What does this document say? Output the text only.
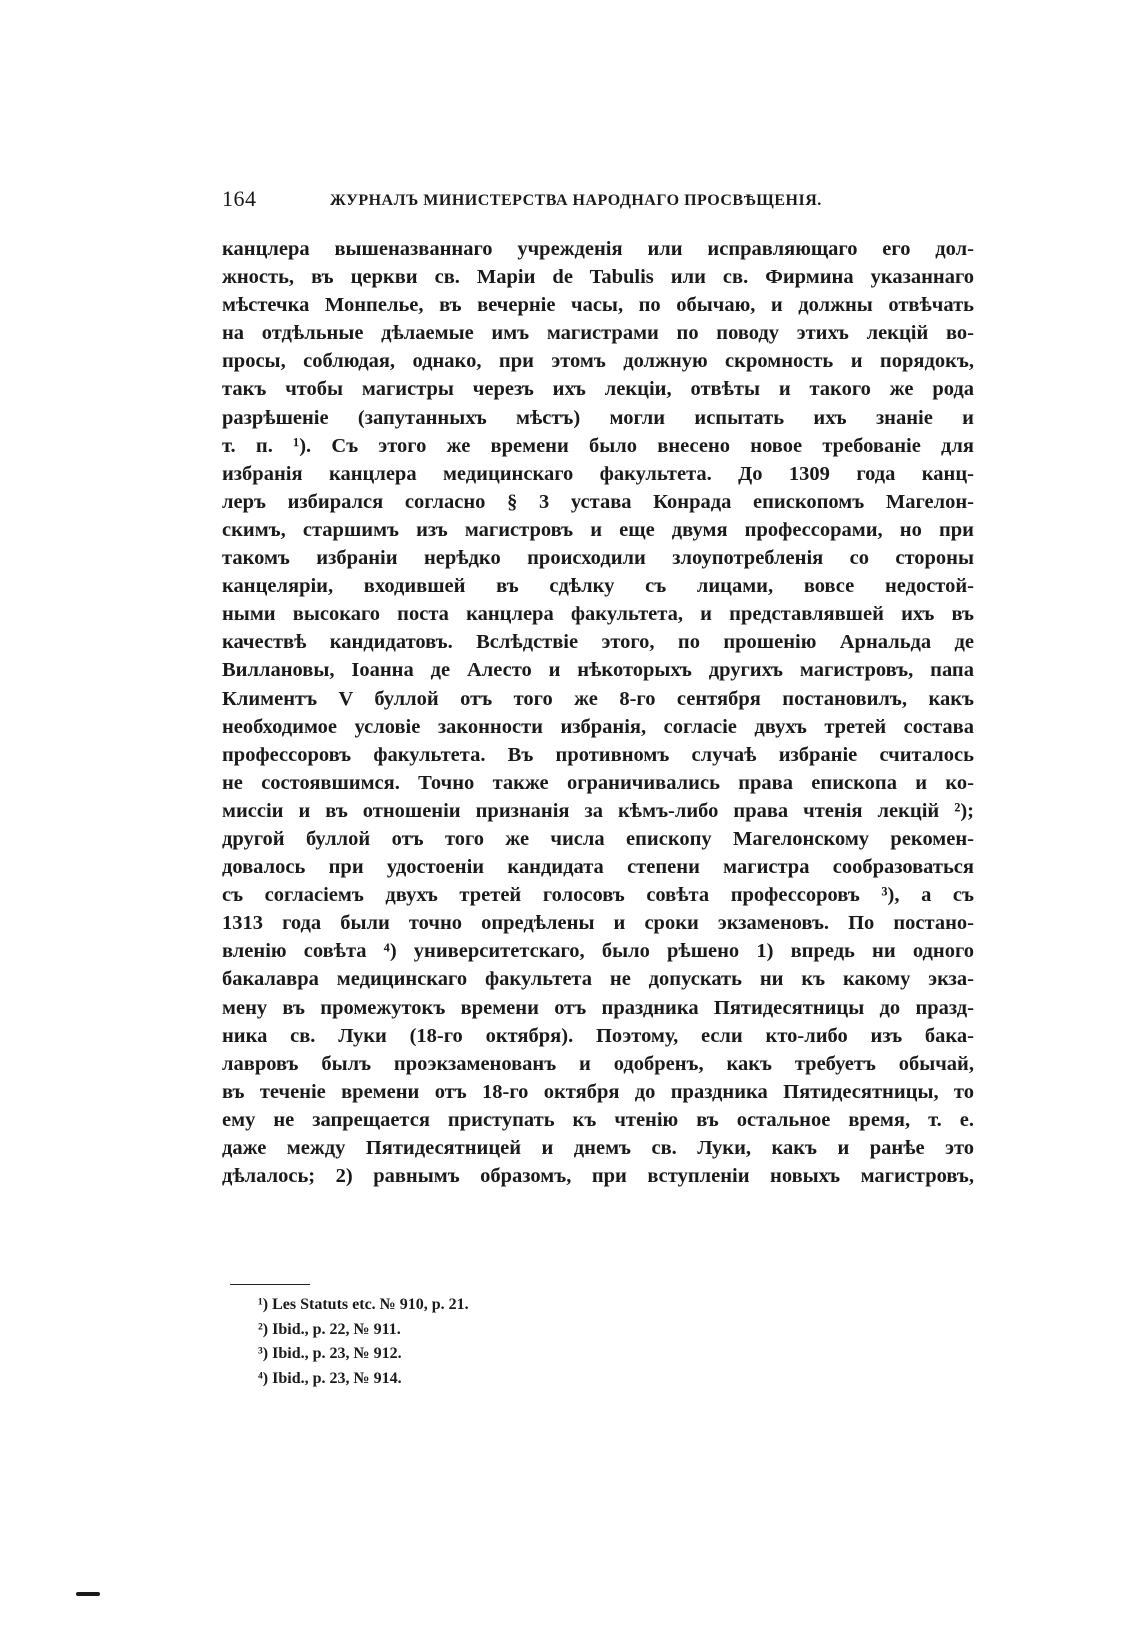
164	ЖУРНАЛЪ МИНИСТЕРСТВА НАРОДНАГО ПРОСВѢЩЕНІЯ.
канцлера вышеназваннаго учрежденія или исправляющаго его дол-
жность, въ церкви св. Маріи de Tabulis или св. Фирмина указаннаго
мѣстечка Монпелье, въ вечерніе часы, по обычаю, и должны отвѣчать
на отдѣльные дѣлаемые имъ магистрами по поводу этихъ лекцій во-
просы, соблюдая, однако, при этомъ должную скромность и порядокъ,
такъ чтобы магистры черезъ ихъ лекціи, отвѣты и такого же рода
разрѣшеніе (запутанныхъ мѣстъ) могли испытать ихъ знаніе и
т. п. ¹). Съ этого же времени было внесено новое требованіе для
избранія канцлера медицинскаго факультета. До 1309 года канц-
леръ избирался согласно § 3 устава Конрада епископомъ Магелон-
скимъ, старшимъ изъ магистровъ и еще двумя профессорами, но при
такомъ избраніи нерѣдко происходили злоупотребленія со стороны
канцеляріи, входившей въ сдѣлку съ лицами, вовсе недостой-
ными высокаго поста канцлера факультета, и представлявшей ихъ въ
качествѣ кандидатовъ. Вслѣдствіе этого, по прошенію Арнальда де
Виллановы, Іоанна де Алесто и нѣкоторыхъ другихъ магистровъ, папа
Климентъ V буллой отъ того же 8-го сентября постановилъ, какъ
необходимое условіе законности избранія, согласіе двухъ третей состава
профессоровъ факультета. Въ противномъ случаѣ избраніе считалось
не состоявшимся. Точно также ограничивались права епископа и ко-
миссіи и въ отношеніи признанія за кѣмъ-либо права чтенія лекцій ²);
другой буллой отъ того же числа епископу Магелонскому рекомен-
довалось при удостоеніи кандидата степени магистра сообразоваться
съ согласіемъ двухъ третей голосовъ совѣта профессоровъ ³), а съ
1313 года были точно опредѣлены и сроки экзаменовъ. По постано-
вленію совѣта ⁴) университетскаго, было рѣшено 1) впредь ни одного
бакалавра медицинскаго факультета не допускать ни къ какому экза-
мену въ промежутокъ времени отъ праздника Пятидесятницы до празд-
ника св. Луки (18-го октября). Поэтому, если кто-либо изъ бака-
лавровъ былъ проэкзаменованъ и одобренъ, какъ требуетъ обычай,
въ теченіе времени отъ 18-го октября до праздника Пятидесятницы, то
ему не запрещается приступать къ чтенію въ остальное время, т. е.
даже между Пятидесятницей и днемъ св. Луки, какъ и ранѣе это
дѣлалось; 2) равнымъ образомъ, при вступленіи новыхъ магистровъ,
¹) Les Statuts etc. № 910, p. 21.
²) Ibid., p. 22, № 911.
³) Ibid., p. 23, № 912.
⁴) Ibid., p. 23, № 914.
